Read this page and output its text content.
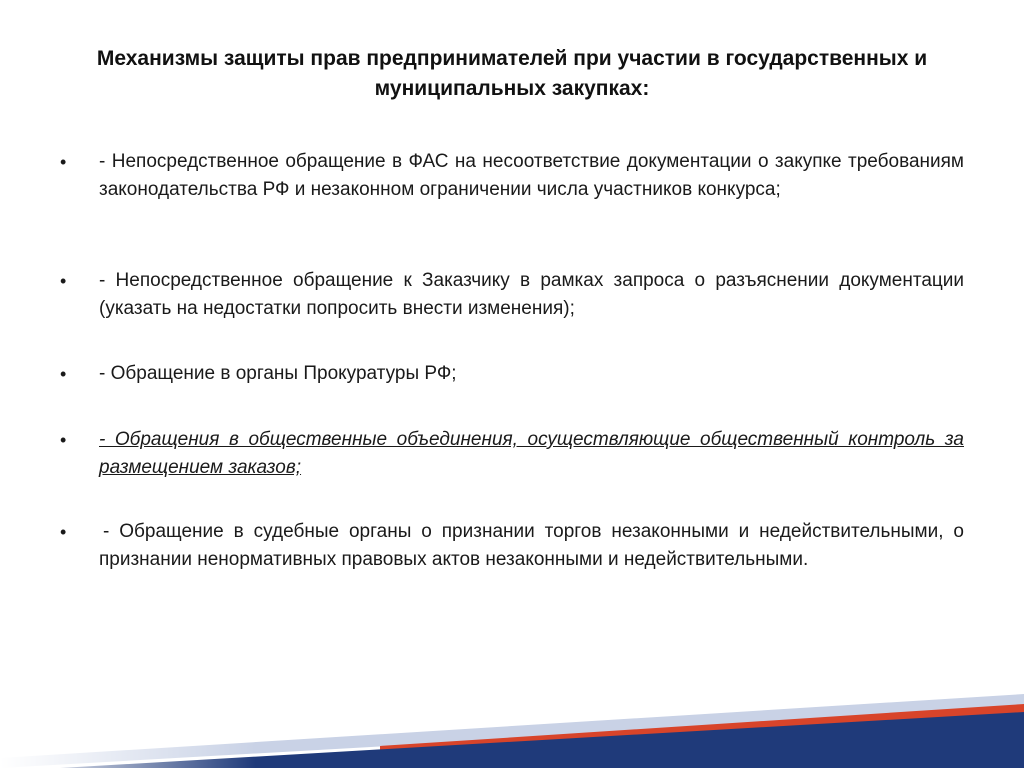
Механизмы защиты прав предпринимателей при участии в государственных и муниципальных закупках:
• - Непосредственное обращение в ФАС на несоответствие документации о закупке требованиям законодательства РФ и незаконном ограничении числа участников конкурса;
• - Непосредственное обращение к Заказчику в рамках запроса о разъяснении документации (указать на недостатки попросить внести изменения);
• - Обращение в органы Прокуратуры РФ;
• - Обращения в общественные объединения, осуществляющие общественный контроль за размещением заказов;
• - Обращение в судебные органы о признании торгов незаконными и недействительными, о признании ненормативных правовых актов незаконными и недействительными.
